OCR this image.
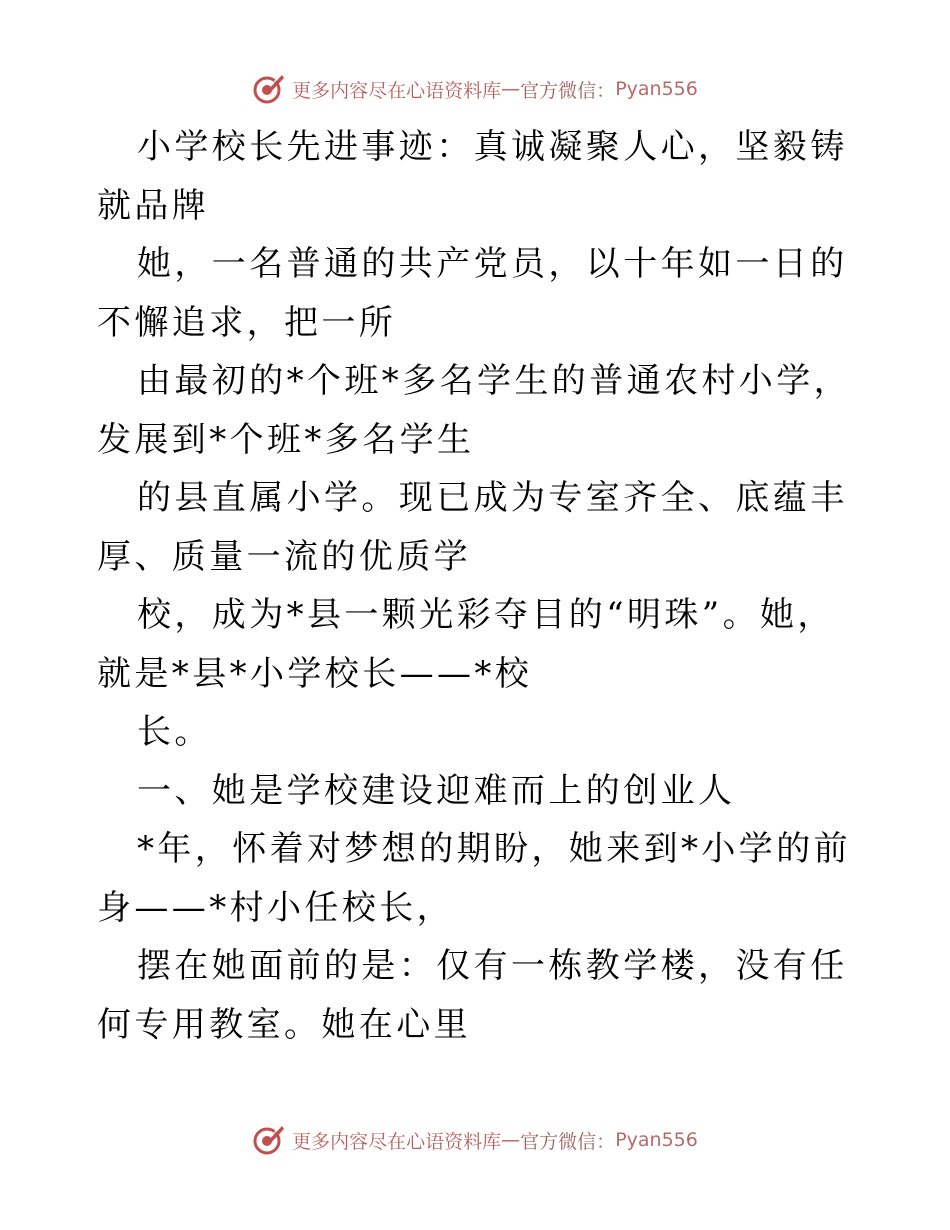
更多内容尽在心语资料库 — 官方微信： Pyan556

小学校长先进事迹：真诚凝聚人心，坚毅铸就品牌

她，一名普通的共产党员，以十年如一日的不懈追求，把一所

由最初的*个班*多名学生的普通农村小学，发展到*个班*多名学生

的县直属小学。现已成为专室齐全、底蕴丰厚、质量一流的优质学

校，成为*县一颗光彩夺目的“明珠”。她，就是*县*小学校长——*校

长。

一、她是学校建设迎难而上的创业人

*年，怀着对梦想的期盼，她来到*小学的前身——*村小任校长，

摆在她面前的是：仅有一栋教学楼，没有任何专用教室。她在心里

更多内容尽在心语资料库 — 官方微信： Pyan556
